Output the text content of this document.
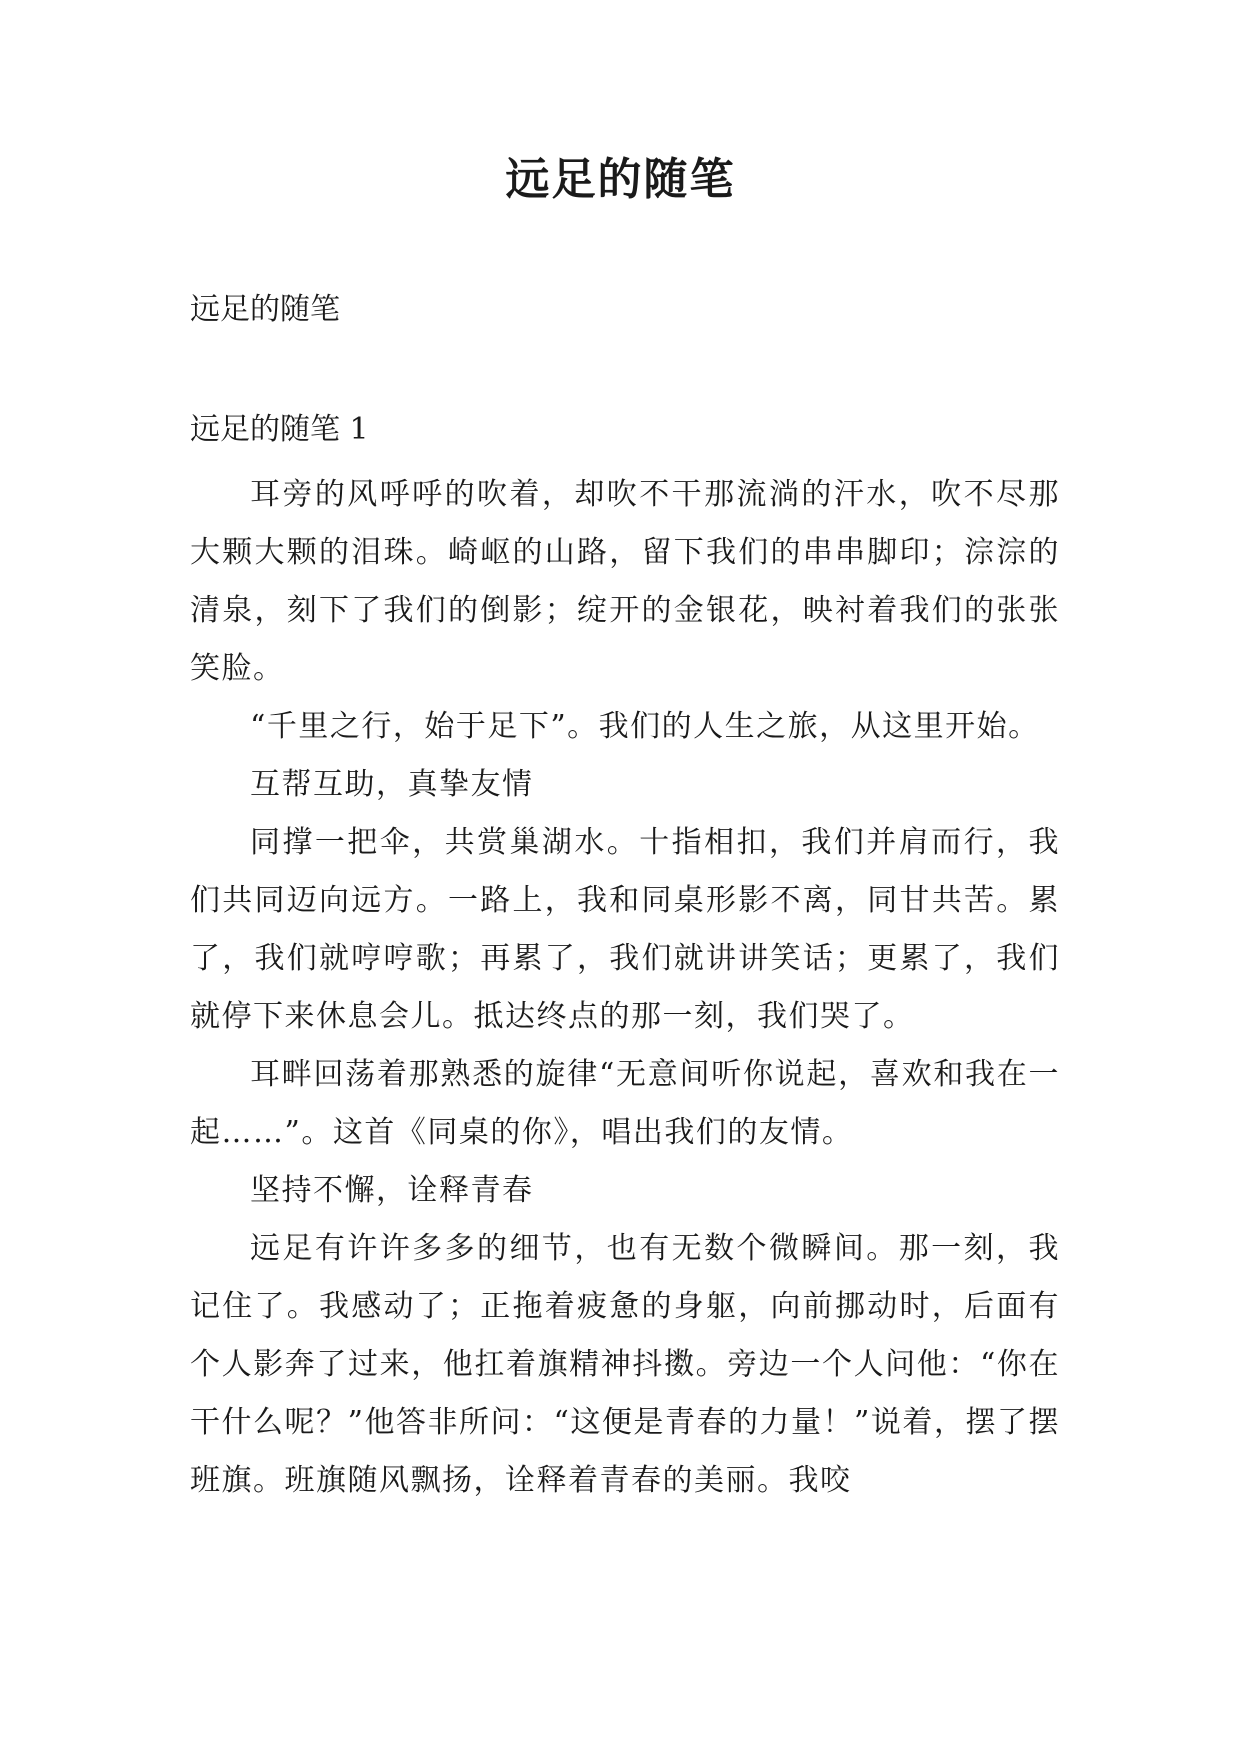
远足的随笔
远足的随笔
远足的随笔 1

耳旁的风呼呼的吹着，却吹不干那流淌的汗水，吹不尽那大颗大颗的泪珠。崎岖的山路，留下我们的串串脚印；淙淙的清泉，刻下了我们的倒影；绽开的金银花，映衬着我们的张张笑脸。

“千里之行，始于足下”。我们的人生之旅，从这里开始。

互帮互助，真挚友情

同撑一把伞，共赏巢湖水。十指相扣，我们并肩而行，我们共同迈向远方。一路上，我和同桌形影不离，同甘共苦。累了，我们就哼哼歌；再累了，我们就讲讲笑话；更累了，我们就停下来休息会儿。抵达终点的那一刻，我们哭了。

耳畔回荡着那熟悉的旋律“无意间听你说起，喜欢和我在一起……”。这首《同桌的你》，唱出我们的友情。

坚持不懈，诠释青春

远足有许许多多的细节，也有无数个微瞬间。那一刻，我记住了。我感动了；正拖着疲惫的身躯，向前挪动时，后面有个人影奔了过来，他扛着旗精神抖擞。旁边一个人问他：“你在干什么呢？”他答非所问：“这便是青春的力量！”说着，摆了摆班旗。班旗随风飘扬，诠释着青春的美丽。我咬
